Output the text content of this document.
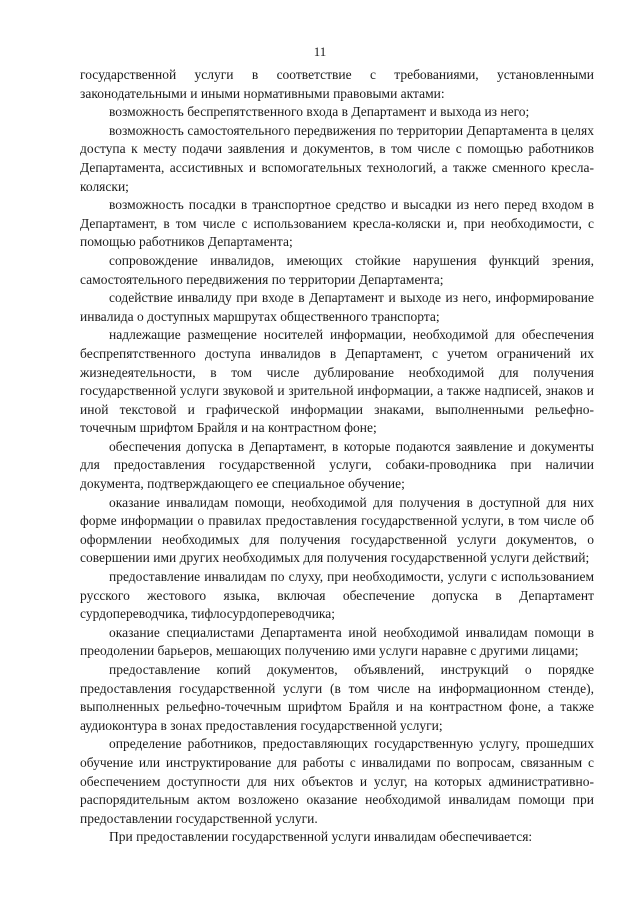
11

государственной услуги в соответствие с требованиями, установленными законодательными и иными нормативными правовыми актами:

возможность беспрепятственного входа в Департамент и выхода из него;

возможность самостоятельного передвижения по территории Департамента в целях доступа к месту подачи заявления и документов, в том числе с помощью работников Департамента, ассистивных и вспомогательных технологий, а также сменного кресла-коляски;

возможность посадки в транспортное средство и высадки из него перед входом в Департамент, в том числе с использованием кресла-коляски и, при необходимости, с помощью работников Департамента;

сопровождение инвалидов, имеющих стойкие нарушения функций зрения, самостоятельного передвижения по территории Департамента;

содействие инвалиду при входе в Департамент и выходе из него, информирование инвалида о доступных маршрутах общественного транспорта;

надлежащие размещение носителей информации, необходимой для обеспечения беспрепятственного доступа инвалидов в Департамент, с учетом ограничений их жизнедеятельности, в том числе дублирование необходимой для получения государственной услуги звуковой и зрительной информации, а также надписей, знаков и иной текстовой и графической информации знаками, выполненными рельефно-точечным шрифтом Брайля и на контрастном фоне;

обеспечения допуска в Департамент, в которые подаются заявление и документы для предоставления государственной услуги, собаки-проводника при наличии документа, подтверждающего ее специальное обучение;

оказание инвалидам помощи, необходимой для получения в доступной для них форме информации о правилах предоставления государственной услуги, в том числе об оформлении необходимых для получения государственной услуги документов, о совершении ими других необходимых для получения государственной услуги действий;

предоставление инвалидам по слуху, при необходимости, услуги с использованием русского жестового языка, включая обеспечение допуска в Департамент сурдопереводчика, тифлосурдопереводчика;

оказание специалистами Департамента иной необходимой инвалидам помощи в преодолении барьеров, мешающих получению ими услуги наравне с другими лицами;

предоставление копий документов, объявлений, инструкций о порядке предоставления государственной услуги (в том числе на информационном стенде), выполненных рельефно-точечным шрифтом Брайля и на контрастном фоне, а также аудиоконтура в зонах предоставления государственной услуги;

определение работников, предоставляющих государственную услугу, прошедших обучение или инструктирование для работы с инвалидами по вопросам, связанным с обеспечением доступности для них объектов и услуг, на которых административно-распорядительным актом возложено оказание необходимой инвалидам помощи при предоставлении государственной услуги.

При предоставлении государственной услуги инвалидам обеспечивается:
